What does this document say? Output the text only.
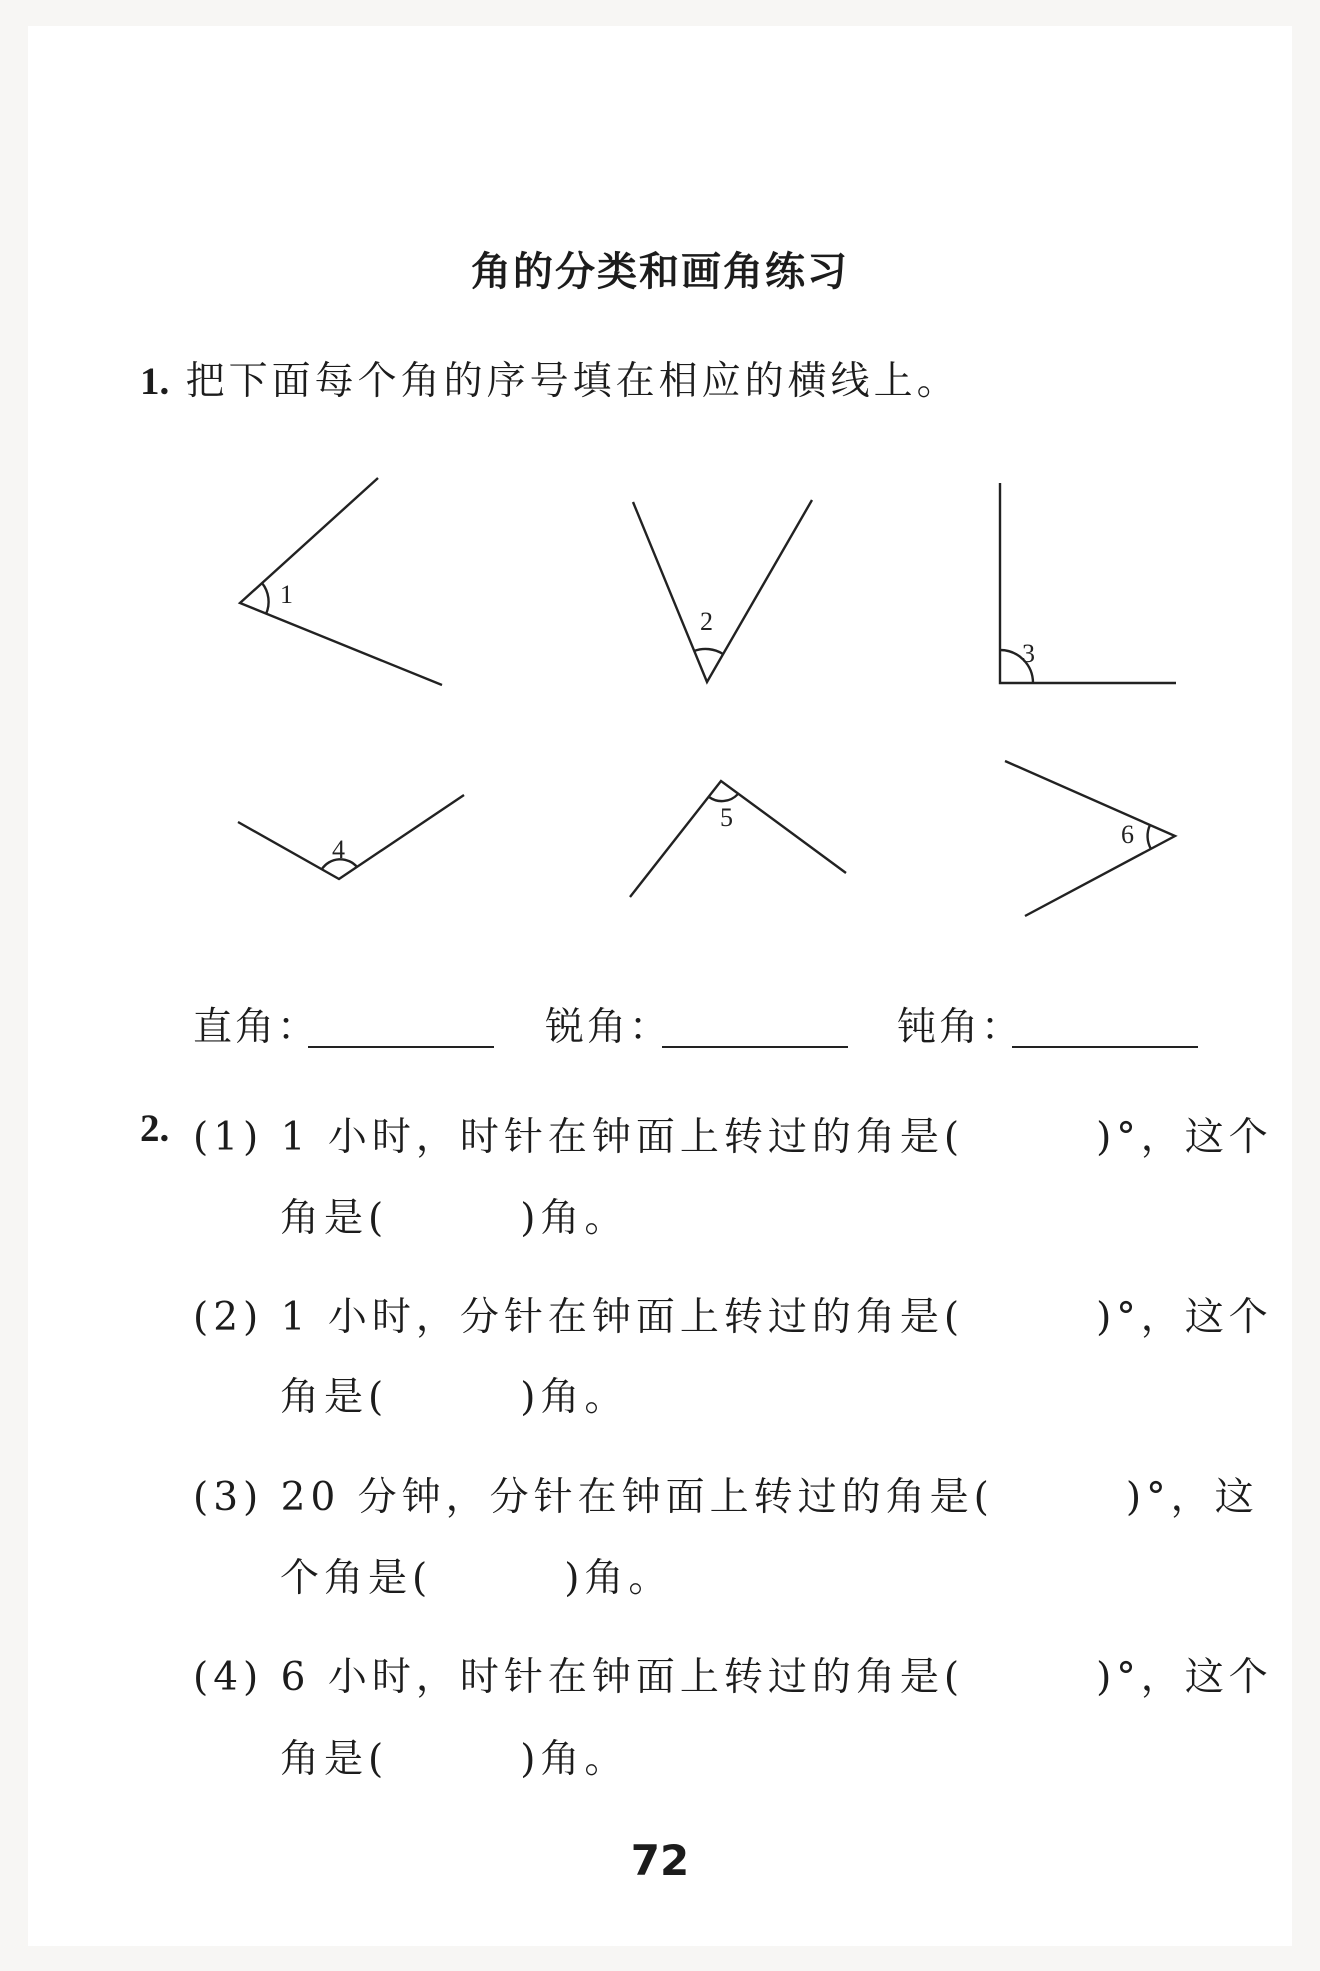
角的分类和画角练习
1. 把下面每个角的序号填在相应的横线上。
1
2
3
4
5
6
直角：	锐角：	钝角：
2. (1) 1 小时，时针在钟面上转过的角是(　　　)°，这个
角是(　　　)角。
(2) 1 小时，分针在钟面上转过的角是(　　　)°，这个
角是(　　　)角。
(3) 20 分钟，分针在钟面上转过的角是(　　　)°，这
个角是(　　　)角。
(4) 6 小时，时针在钟面上转过的角是(　　　)°，这个
角是(　　　)角。
72
